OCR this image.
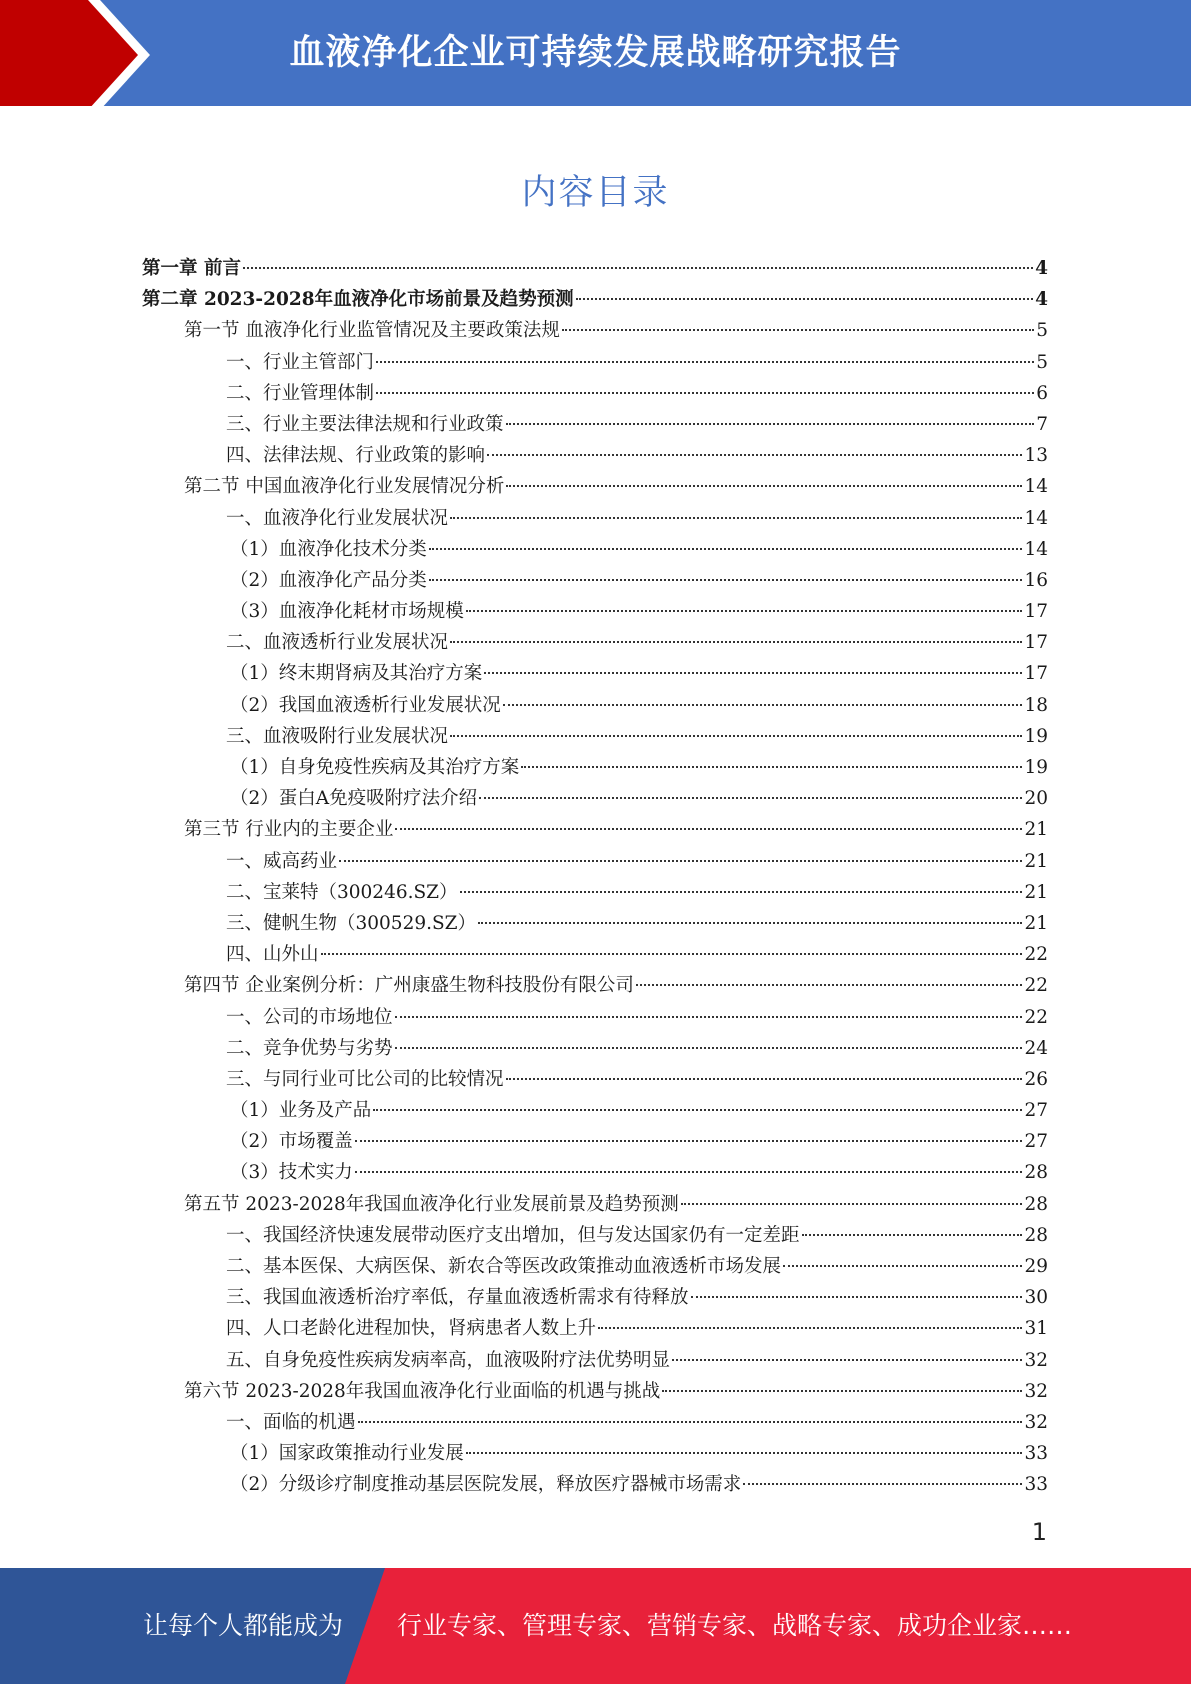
血液净化企业可持续发展战略研究报告
内容目录
第一章 前言	4
第二章 2023-2028年血液净化市场前景及趋势预测	4
第一节 血液净化行业监管情况及主要政策法规	5
一、行业主管部门	5
二、行业管理体制	6
三、行业主要法律法规和行业政策	7
四、法律法规、行业政策的影响	13
第二节 中国血液净化行业发展情况分析	14
一、血液净化行业发展状况	14
（1）血液净化技术分类	14
（2）血液净化产品分类	16
（3）血液净化耗材市场规模	17
二、血液透析行业发展状况	17
（1）终末期肾病及其治疗方案	17
（2）我国血液透析行业发展状况	18
三、血液吸附行业发展状况	19
（1）自身免疫性疾病及其治疗方案	19
（2）蛋白A免疫吸附疗法介绍	20
第三节 行业内的主要企业	21
一、威高药业	21
二、宝莱特（300246.SZ）	21
三、健帆生物（300529.SZ）	21
四、山外山	22
第四节 企业案例分析：广州康盛生物科技股份有限公司	22
一、公司的市场地位	22
二、竞争优势与劣势	24
三、与同行业可比公司的比较情况	26
（1）业务及产品	27
（2）市场覆盖	27
（3）技术实力	28
第五节 2023-2028年我国血液净化行业发展前景及趋势预测	28
一、我国经济快速发展带动医疗支出增加，但与发达国家仍有一定差距	28
二、基本医保、大病医保、新农合等医改政策推动血液透析市场发展	29
三、我国血液透析治疗率低，存量血液透析需求有待释放	30
四、人口老龄化进程加快，肾病患者人数上升	31
五、自身免疫性疾病发病率高，血液吸附疗法优势明显	32
第六节 2023-2028年我国血液净化行业面临的机遇与挑战	32
一、面临的机遇	32
（1）国家政策推动行业发展	33
（2）分级诊疗制度推动基层医院发展，释放医疗器械市场需求	33
1
让每个人都能成为 行业专家、管理专家、营销专家、战略专家、成功企业家……
